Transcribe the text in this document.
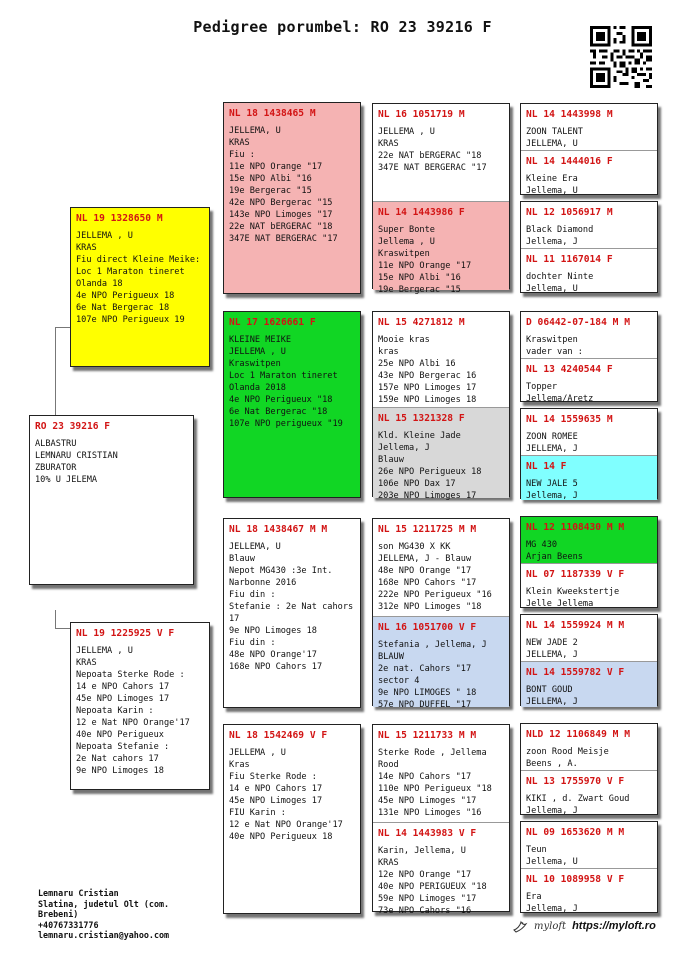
Pedigree porumbel: RO 23 39216 F
RO 23 39216 F
ALBASTRU
LEMNARU CRISTIAN
ZBURATOR
10% U JELEMA
NL 19 1328650 M
JELLEMA , U
KRAS
Fiu direct Kleine Meike:
Loc 1 Maraton tineret
Olanda 18
4e NPO Perigueux 18
6e Nat Bergerac 18
107e NPO Perigueux 19
NL 19 1225925 V F
JELLEMA , U
KRAS
Nepoata Sterke Rode :
14 e NPO Cahors 17
45e NPO Limoges 17
Nepoata Karin :
12 e Nat NPO Orange'17
40e NPO Perigueux
Nepoata Stefanie :
2e Nat cahors 17
9e NPO Limoges 18
NL 18 1438465 M
JELLEMA, U
KRAS
Fiu :
11e NPO Orange "17
15e NPO Albi "16
19e Bergerac "15
42e NPO Bergerac "15
143e NPO Limoges "17
22e NAT bERGERAC "18
347E NAT BERGERAC "17
NL 17 1626661 F
KLEINE MEIKE
JELLEMA , U
Kraswitpen
Loc 1 Maraton tineret
Olanda 2018
4e NPO Perigueux "18
6e Nat Bergerac "18
107e NPO perigueux "19
NL 18 1438467 M M
JELLEMA, U
Blauw
Nepot MG430 :3e Int.
Narbonne 2016
Fiu din :
Stefanie : 2e Nat cahors
17
9e NPO Limoges 18
Fiu din :
48e NPO Orange'17
168e NPO Cahors 17
NL 18 1542469 V F
JELLEMA , U
Kras
Fiu Sterke Rode :
14 e NPO Cahors 17
45e NPO Limoges 17
FIU Karin :
12 e Nat NPO Orange'17
40e NPO Perigueux 18
NL 16 1051719 M
JELLEMA , U
KRAS
22e NAT bERGERAC "18
347E NAT BERGERAC "17
NL 14 1443986 F
Super Bonte
Jellema , U
Kraswitpen
11e NPO Orange "17
15e NPO Albi "16
19e Bergerac "15
NL 15 4271812 M
Mooie kras
kras
25e NPO Albi 16
43e NPO Bergerac 16
157e NPO Limoges 17
159e NPO Limoges 18
NL 15 1321328 F
Kld. Kleine Jade
Jellema, J
Blauw
26e NPO Perigueux 18
106e NPO Dax 17
203e NPO Limoges 17
NL 15 1211725 M M
son MG430 X KK
JELLEMA, J - Blauw
48e NPO Orange "17
168e NPO Cahors "17
222e NPO Perigueux "16
312e NPO Limoges "18
NL 16 1051700 V F
Stefania , Jellema, J
BLAUW
2e nat. Cahors "17
sector 4
9e NPO LIMOGES " 18
57e NPO DUFFEL "17
NL 15 1211733 M M
Sterke Rode , Jellema
Rood
14e NPO Cahors "17
110e NPO Perigueux "18
45e NPO Limoges "17
131e NPO Limoges "16
NL 14 1443983 V F
Karin, Jellema, U
KRAS
12e NPO Orange "17
40e NPO PERIGUEUX "18
59e NPO Limoges "17
73e NPO Cahors "16
NL 14 1443998 M
ZOON TALENT
JELLEMA, U
NL 14 1444016 F
Kleine Era
Jellema, U
NL 12 1056917 M
Black Diamond
Jellema, J
NL 11 1167014 F
dochter Ninte
Jellema, U
D 06442-07-184 M M
Kraswitpen
vader van :
NL 13 4240544 F
Topper
Jellema/Aretz
NL 14 1559635 M
ZOON ROMEE
JELLEMA, J
NL 14 F
NEW JALE 5
Jellema, J
NL 12 1108430 M M
MG 430
Arjan Beens
NL 07 1187339 V F
Klein Kweekstertje
Jelle Jellema
NL 14 1559924 M M
NEW JADE 2
JELLEMA, J
NL 14 1559782 V F
BONT GOUD
JELLEMA, J
NLD 12 1106849 M M
zoon Rood Meisje
Beens , A.
NL 13 1755970 V F
KIKI , d. Zwart Goud
Jellema, J
NL 09 1653620 M M
Teun
Jellema, U
NL 10 1089958 V F
Era
Jellema, J
Lemnaru Cristian
Slatina, judetul Olt (com.
Brebeni)
+40767331776
lemnaru.cristian@yahoo.com
myloft https://myloft.ro
